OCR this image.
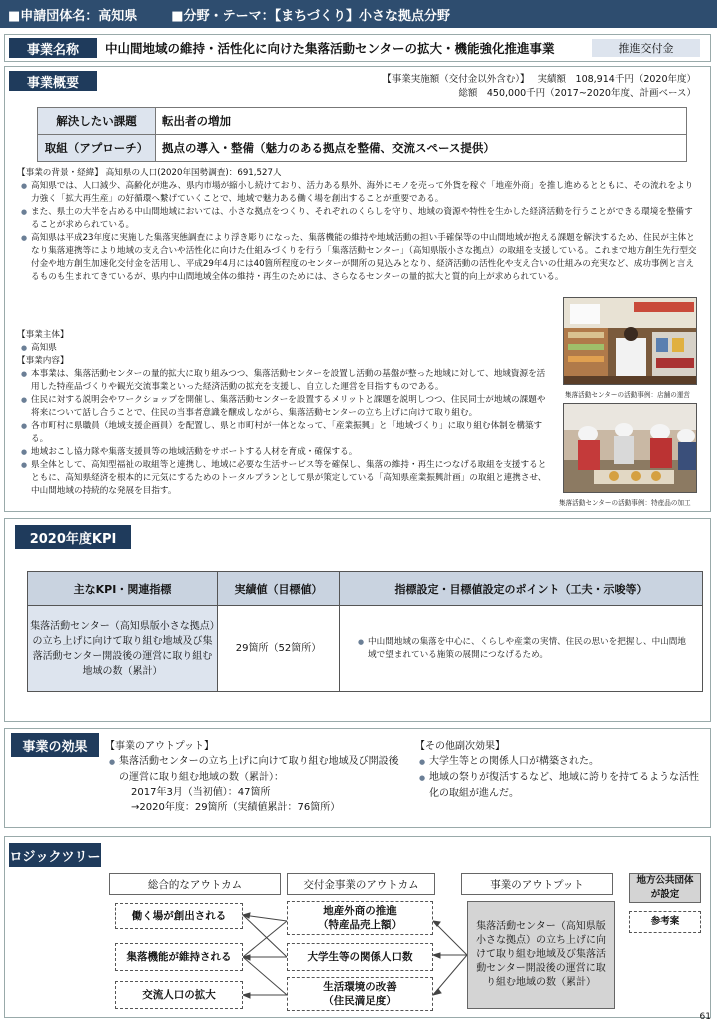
■申請団体名：高知県	■分野・テーマ：【まちづくり】小さな拠点分野
事業名称	中山間地域の維持・活性化に向けた集落活動センターの拡大・機能強化推進事業	推進交付金
事業概要	【事業実施額（交付金以外含む）】 実績額　108,914千円（2020年度）
総額　450,000千円（2017~2020年度、計画ベース）
解決したい課題	転出者の増加
取組（アプローチ）	拠点の導入・整備（魅力のある拠点を整備、交流スペース提供）
【事業の背景・経緯】 高知県の人口(2020年国勢調査)：691,527人
● 高知県では、人口減少、高齢化が進み、県内市場が縮小し続けており、活力ある県外、海外にモノを売って外貨を稼ぐ「地産外商」を推し進めるとともに、その流れをより力強く「拡大再生産」の好循環へ繋げていくことで、地域で魅力ある働く場を創出することが重要である。
● また、県土の大半を占める中山間地域においては、小さな拠点をつくり、それぞれのくらしを守り、地域の資源や特性を生かした経済活動を行うことができる環境を整備することが求められている。
● 高知県は平成23年度に実施した集落実態調査により浮き彫りになった、集落機能の維持や地域活動の担い手確保等の中山間地域が抱える課題を解決するため、住民が主体となり集落連携等により地域の支え合いや活性化に向けた仕組みづくりを行う「集落活動センター」（高知県版小さな拠点）の取組を支援している。これまで地方創生先行型交付金や地方創生加速化交付金を活用し、平成29年4月には40箇所程度のセンターが開所の見込みとなり、経済活動の活性化や支え合いの仕組みの充実など、成功事例と言えるものも生まれてきているが、県内中山間地域全体の維持・再生のためには、さらなるセンターの量的拡大と質的向上が求められている。
【事業主体】
● 高知県
【事業内容】
● 本事業は、集落活動センターの量的拡大に取り組みつつ、集落活動センターを設置し活動の基盤が整った地域に対して、地域資源を活用した特産品づくりや観光交流事業といった経済活動の拡充を支援し、自立した運営を目指すものである。
● 住民に対する説明会やワークショップを開催し、集落活動センターを設置するメリットと課題を説明しつつ、住民同士が地域の課題や将来について話し合うことで、住民の当事者意識を醸成しながら、集落活動センターの立ち上げに向けて取り組む。
● 各市町村に県職員（地域支援企画員）を配置し、県と市町村が一体となって、「産業振興」と「地域づくり」に取り組む体制を構築する。
● 地域おこし協力隊や集落支援員等の地域活動をサポートする人材を育成・確保する。
● 県全体として、高知型福祉の取組等と連携し、地域に必要な生活サービス等を確保し、集落の維持・再生につなげる取組を支援するとともに、高知県経済を根本的に元気にするためのトータルプランとして県が策定している「高知県産業振興計画」の取組と連携させ、中山間地域の持続的な発展を目指す。
集落活動センターの活動事例：店舗の運営
集落活動センターの活動事例：特産品の加工
2020年度KPI
主なKPI・関連指標	実績値（目標値）	指標設定・目標値設定のポイント（工夫・示唆等）
集落活動センター（高知県版小さな拠点）の立ち上げに向けて取り組む地域及び集落活動センター開設後の運営に取り組む地域の数（累計）	29箇所（52箇所）	● 中山間地域の集落を中心に、くらしや産業の実情、住民の思いを把握し、中山間地域で望まれている施策の展開につなげるため。
事業の効果	【事業のアウトプット】
● 集落活動センターの立ち上げに向けて取り組む地域及び開設後の運営に取り組む地域の数（累計）：
2017年3月（当初値）：47箇所
→2020年度：29箇所（実績値累計：76箇所）
【その他副次効果】
● 大学生等との関係人口が構築された。
● 地域の祭りが復活するなど、地域に誇りを持てるような活性化の取組が進んだ。
ロジックツリー
総合的なアウトカム	交付金事業のアウトカム	事業のアウトプット
働く場が創出される
集落機能が維持される
交流人口の拡大
地産外商の推進
（特産品売上額）
大学生等の関係人口数
生活環境の改善
（住民満足度）
集落活動センター（高知県版小さな拠点）の立ち上げに向けて取り組む地域及び集落活動センター開設後の運営に取り組む地域の数（累計）
地方公共団体
が設定
参考案
61
